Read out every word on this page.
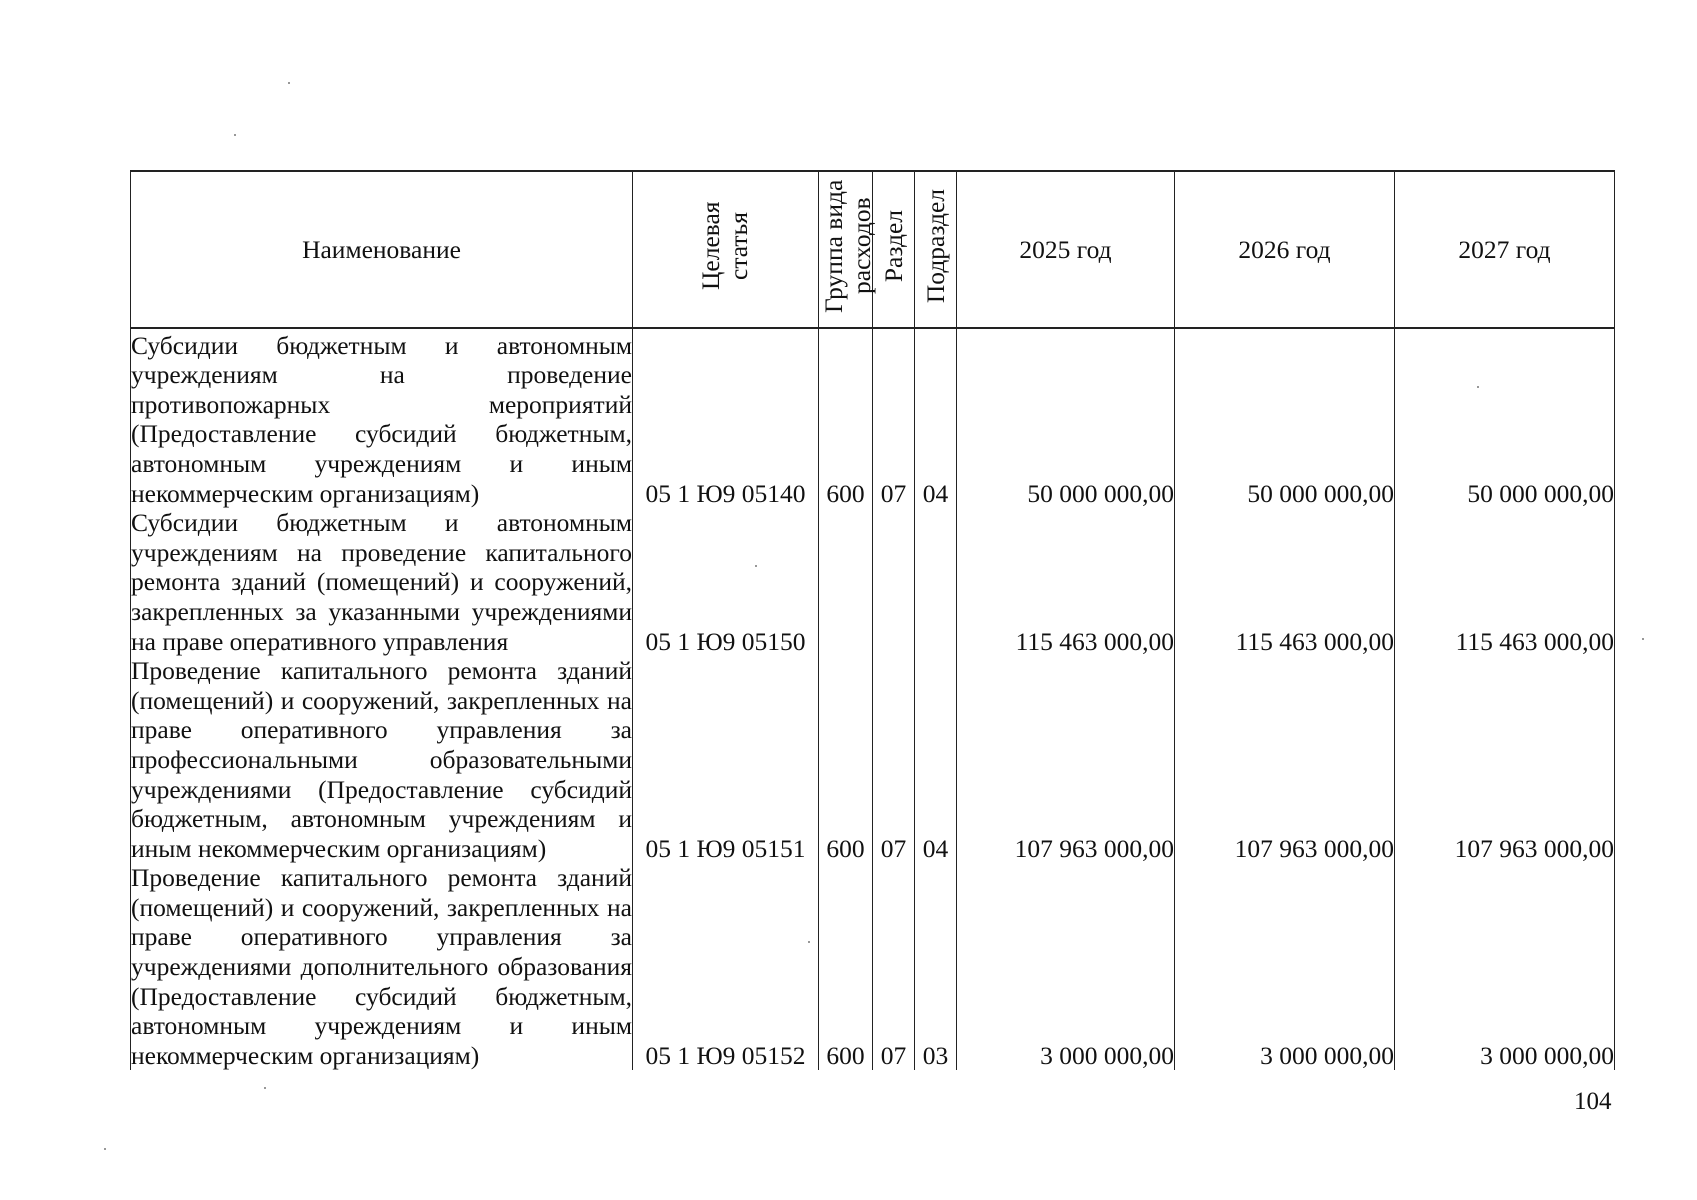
Наименование	Целевая статья	Группа вида расходов	Раздел	Подраздел	2025 год	2026 год	2027 год
Субсидии бюджетным и автономным учреждениям на проведение противопожарных мероприятий (Предоставление субсидий бюджетным, автономным учреждениям и иным некоммерческим организациям)	05 1 Ю9 05140	600	07	04	50 000 000,00	50 000 000,00	50 000 000,00
Субсидии бюджетным и автономным учреждениям на проведение капитального ремонта зданий (помещений) и сооружений, закрепленных за указанными учреждениями на праве оперативного управления	05 1 Ю9 05150				115 463 000,00	115 463 000,00	115 463 000,00
Проведение капитального ремонта зданий (помещений) и сооружений, закрепленных на праве оперативного управления за профессиональными образовательными учреждениями (Предоставление субсидий бюджетным, автономным учреждениям и иным некоммерческим организациям)	05 1 Ю9 05151	600	07	04	107 963 000,00	107 963 000,00	107 963 000,00
Проведение капитального ремонта зданий (помещений) и сооружений, закрепленных на праве оперативного управления за учреждениями дополнительного образования (Предоставление субсидий бюджетным, автономным учреждениям и иным некоммерческим организациям)	05 1 Ю9 05152	600	07	03	3 000 000,00	3 000 000,00	3 000 000,00
104
